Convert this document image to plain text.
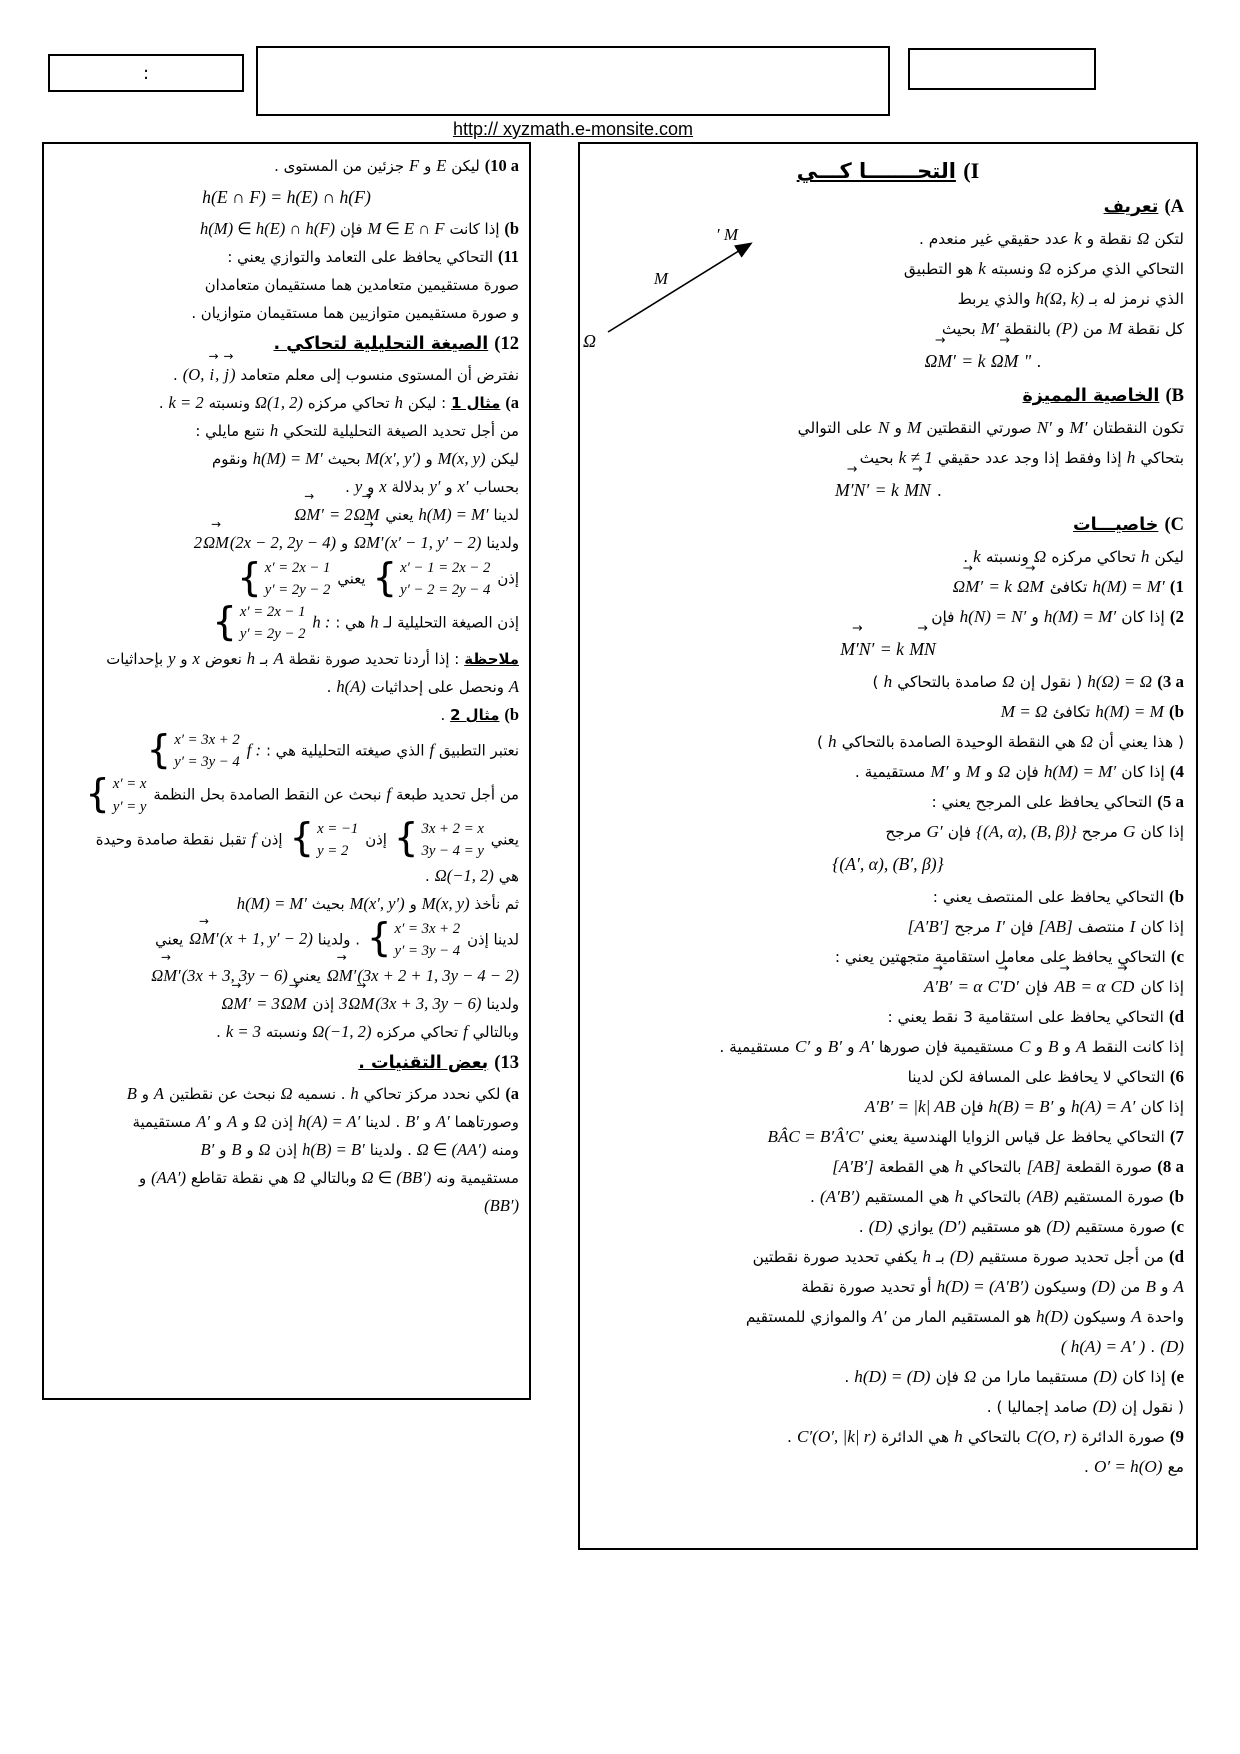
:
http:// xyzmath.e-monsite.com
(I التحـــــــا كـــي
(A تعريف
Ω
M
M ′	لتكن Ω نقطة و k عدد حقيقي غير منعدم .
التحاكي الذي مركزه Ω ونسبته k هو التطبيق
الذي نرمز له بـ h(Ω, k) والذي يربط
كل نقطة M من (P) بالنقطة M′ بحيث
. → ΩM′ = k → ΩM "
(B الخاصية المميزة
تكون النقطتان M′ و N′ صورتي النقطتين M و N على التوالي
بتحاكي h إذا وفقط إذا وجد عدد حقيقي k ≠ 1 بحيث
. → M′N′ = k → MN
(C خاصيـــات
ليكن h تحاكي مركزه Ω ونسبته k .
(1 h(M) = M′ تكافئ → ΩM′ = k → ΩM
(2 إذا كان h(M) = M′ و h(N) = N′ فإن
→ M′N′ = k → MN
(3 a h(Ω) = Ω ( نقول إن Ω صامدة بالتحاكي h )
(b h(M) = M تكافئ M = Ω
( هذا يعني أن Ω هي النقطة الوحيدة الصامدة بالتحاكي h )
(4 إذا كان h(M) = M′ فإن Ω و M و M′ مستقيمية .
(5 a التحاكي يحافظ على المرجح يعني :
إذا كان G مرجح {(A, α), (B, β)} فإن G′ مرجح
{(A′, α), (B′, β)}
(b التحاكي يحافظ على المنتصف يعني :
إذا كان I منتصف [AB] فإن I′ مرجح [A′B′]
(c التحاكي يحافظ على معامل استقامية متجهتين يعني :
إذا كان → AB = α → CD فإن → A′B′ = α → C′D′
(d التحاكي يحافظ على استقامية 3 نقط يعني :
إذا كانت النقط A و B و C مستقيمية فإن صورها A′ و B′ و C′ مستقيمية .
(6 التحاكي لا يحافظ على المسافة لكن لدينا
إذا كان h(A) = A′ و h(B) = B′ فإن A′B′ = |k| AB
(7 التحاكي يحافظ عل قياس الزوايا الهندسية يعني BÂC = B′Â′C′
(8 a صورة القطعة [AB] بالتحاكي h هي القطعة [A′B′]
(b صورة المستقيم (AB) بالتحاكي h هي المستقيم (A′B′) .
(c صورة مستقيم (D) هو مستقيم (D′) يوازي (D) .
(d من أجل تحديد صورة مستقيم (D) بـ h يكفي تحديد صورة نقطتين
A و B من (D) وسيكون h(D) = (A′B′) أو تحديد صورة نقطة
واحدة A وسيكون h(D) هو المستقيم المار من A′ والموازي للمستقيم
(D) . ( h(A) = A′ )
(e إذا كان (D) مستقيما مارا من Ω فإن h(D) = (D) .
( نقول إن (D) صامد إجماليا ) .
(9 صورة الدائرة C(O, r) بالتحاكي h هي الدائرة C′(O′, |k| r) .
مع O′ = h(O) .
(10 a ليكن E و F جزئين من المستوى .
h(E ∩ F) = h(E) ∩ h(F)
(b إذا كانت M ∈ E ∩ F فإن h(M) ∈ h(E) ∩ h(F)
(11 التحاكي يحافظ على التعامد والتوازي يعني :
صورة مستقيمين متعامدين هما مستقيمان متعامدان
و صورة مستقيمين متوازيين هما مستقيمان متوازيان .
(12 الصيغة التحليلية لتحاكي .
نفترض أن المستوى منسوب إلى معلم متعامد (O, → i, → j) .
(a مثال 1 : ليكن h تحاكي مركزه Ω(1, 2) ونسبته k = 2 .
من أجل تحديد الصيغة التحليلية للتحكي h نتبع مايلي :
ليكن M(x, y) و M(x′, y′) بحيث h(M) = M′ ونقوم
بحساب x′ و y′ بدلالة x و y .
لدينا h(M) = M′ يعني → ΩM′ = 2→ ΩM
ولدينا → ΩM′(x′ − 1, y′ − 2) و 2→ ΩM(2x − 2, 2y − 4)
إذن
{ x′ − 1 = 2x − 2
y′ − 2 = 2y − 4
يعني
{ x′ = 2x − 1
y′ = 2y − 2
إذن الصيغة التحليلية لـ h هي : h :
{ x′ = 2x − 1
y′ = 2y − 2
ملاحظة : إذا أردنا تحديد صورة نقطة A بـ h نعوض x و y بإحداثيات
A ونحصل على إحداثيات h(A) .
(b مثال 2 .
نعتبر التطبيق f الذي صيغته التحليلية هي : f :
{ x′ = 3x + 2
y′ = 3y − 4
من أجل تحديد طبعة f نبحث عن النقط الصامدة بحل النظمة
{ x′ = x
y′ = y
يعني
{ 3x + 2 = x
3y − 4 = y
إذن
{ x = −1
y = 2
إذن f تقبل نقطة صامدة وحيدة
هي Ω(−1, 2) .
ثم نأخذ M(x, y) و M(x′, y′) بحيث h(M) = M′
لدينا إذن
{ x′ = 3x + 2
y′ = 3y − 4
. ولدينا → ΩM′(x + 1, y′ − 2) يعني
→ ΩM′(3x + 2 + 1, 3y − 4 − 2) يعني → ΩM′(3x + 3, 3y − 6)
ولدينا 3→ ΩM(3x + 3, 3y − 6) إذن → ΩM′ = 3→ ΩM
وبالتالي f تحاكي مركزه Ω(−1, 2) ونسبته k = 3 .
(13 بعض التقنيات .
(a لكي نحدد مركز تحاكي h . نسميه Ω نبحث عن نقطتين A و B
وصورتاهما A′ و B′ . لدينا h(A) = A′ إذن Ω و A و A′ مستقيمية
ومنه Ω ∈ (AA′) . ولدينا h(B) = B′ إذن Ω و B و B′
مستقيمية ونه Ω ∈ (BB′) وبالتالي Ω هي نقطة تقاطع (AA′) و
(BB′)
